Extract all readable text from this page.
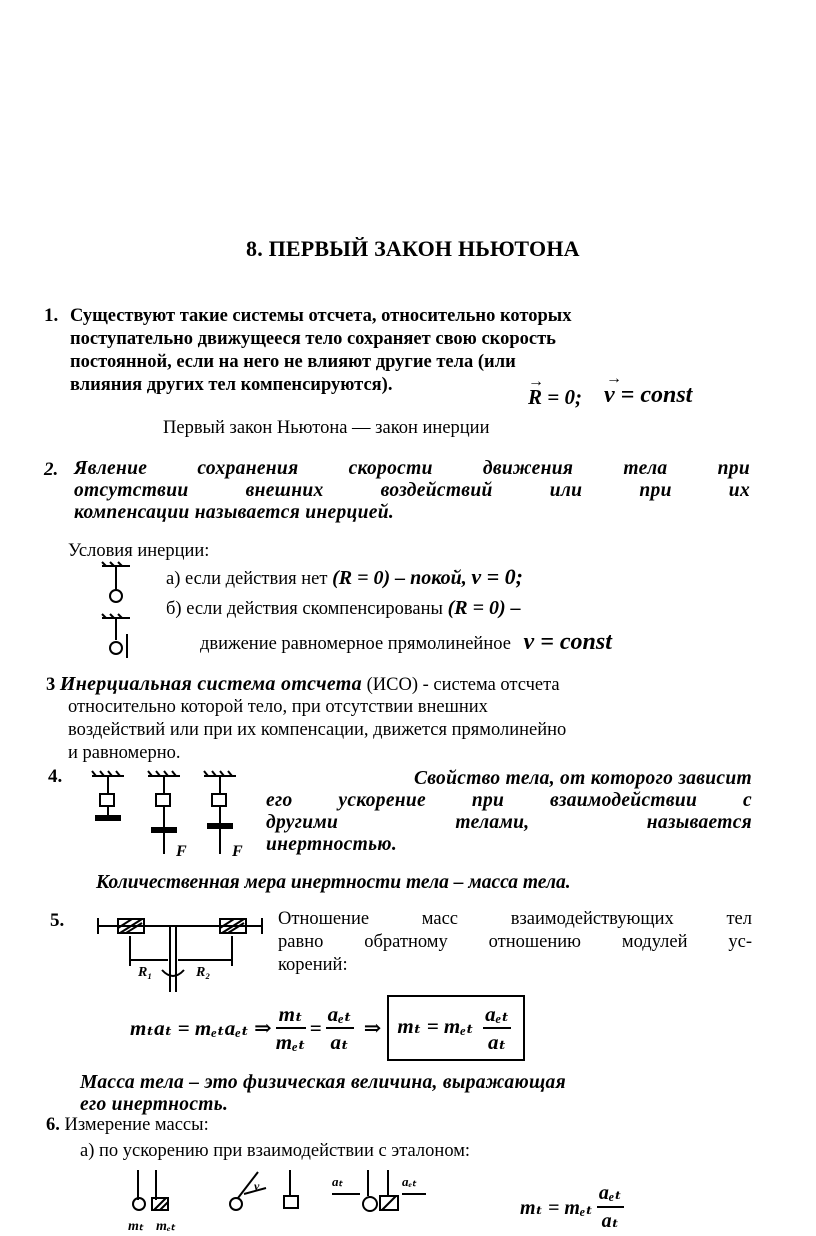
8. ПЕРВЫЙ ЗАКОН НЬЮТОНА
1. Существуют такие системы отсчета, относительно которых
поступательно движущееся тело сохраняет свою скорость
постоянной, если на него не влияют другие тела (или
влияния других тел компенсируются).	→
R = 0;
→
v = const
Первый закон Ньютона — закон инерции
2. Явление сохранения скорости движения тела при
отсутствии внешних воздействий или при их
компенсации называется инерцией.
Условия инерции:
а) если действия нет (R = 0) – покой, v = 0;
б) если действия скомпенсированы (R = 0) –
движение равномерное прямолинейное v = const
3 Инерциальная система отсчета (ИСО) - система отсчета
относительно которой тело, при отсутствии внешних
воздействий или при их компенсации, движется прямолинейно
и равномерно.
4.
F	F
Свойство тела, от которого зависит
его ускорение при взаимодействии с
другими телами, называется
инертностью.
Количественная мера инертности тела – масса тела.
5.
R₁	R₂
Отношение масс взаимодействующих тел
равно обратному отношению модулей ус-
корений:
mₜaₜ = mₑₜaₑₜ ⇒ $\frac{\text{mₜ}}{\text{mₑₜ}} = \frac{\text{aₑₜ}}{\text{aₜ}}$ ⇒ mₜ = mₑₜ $\frac{\text{aₑₜ}}{\text{aₜ}}$
Масса тела – это физическая величина, выражающая
его инертность.
6. Измерение массы:
а) по ускорению при взаимодействии с эталоном:
mₜ mₑₜ
v	aₜ	aₑₜ
mₜ = mₑₜ $\frac{\text{aₑₜ}}{\text{aₜ}}$
